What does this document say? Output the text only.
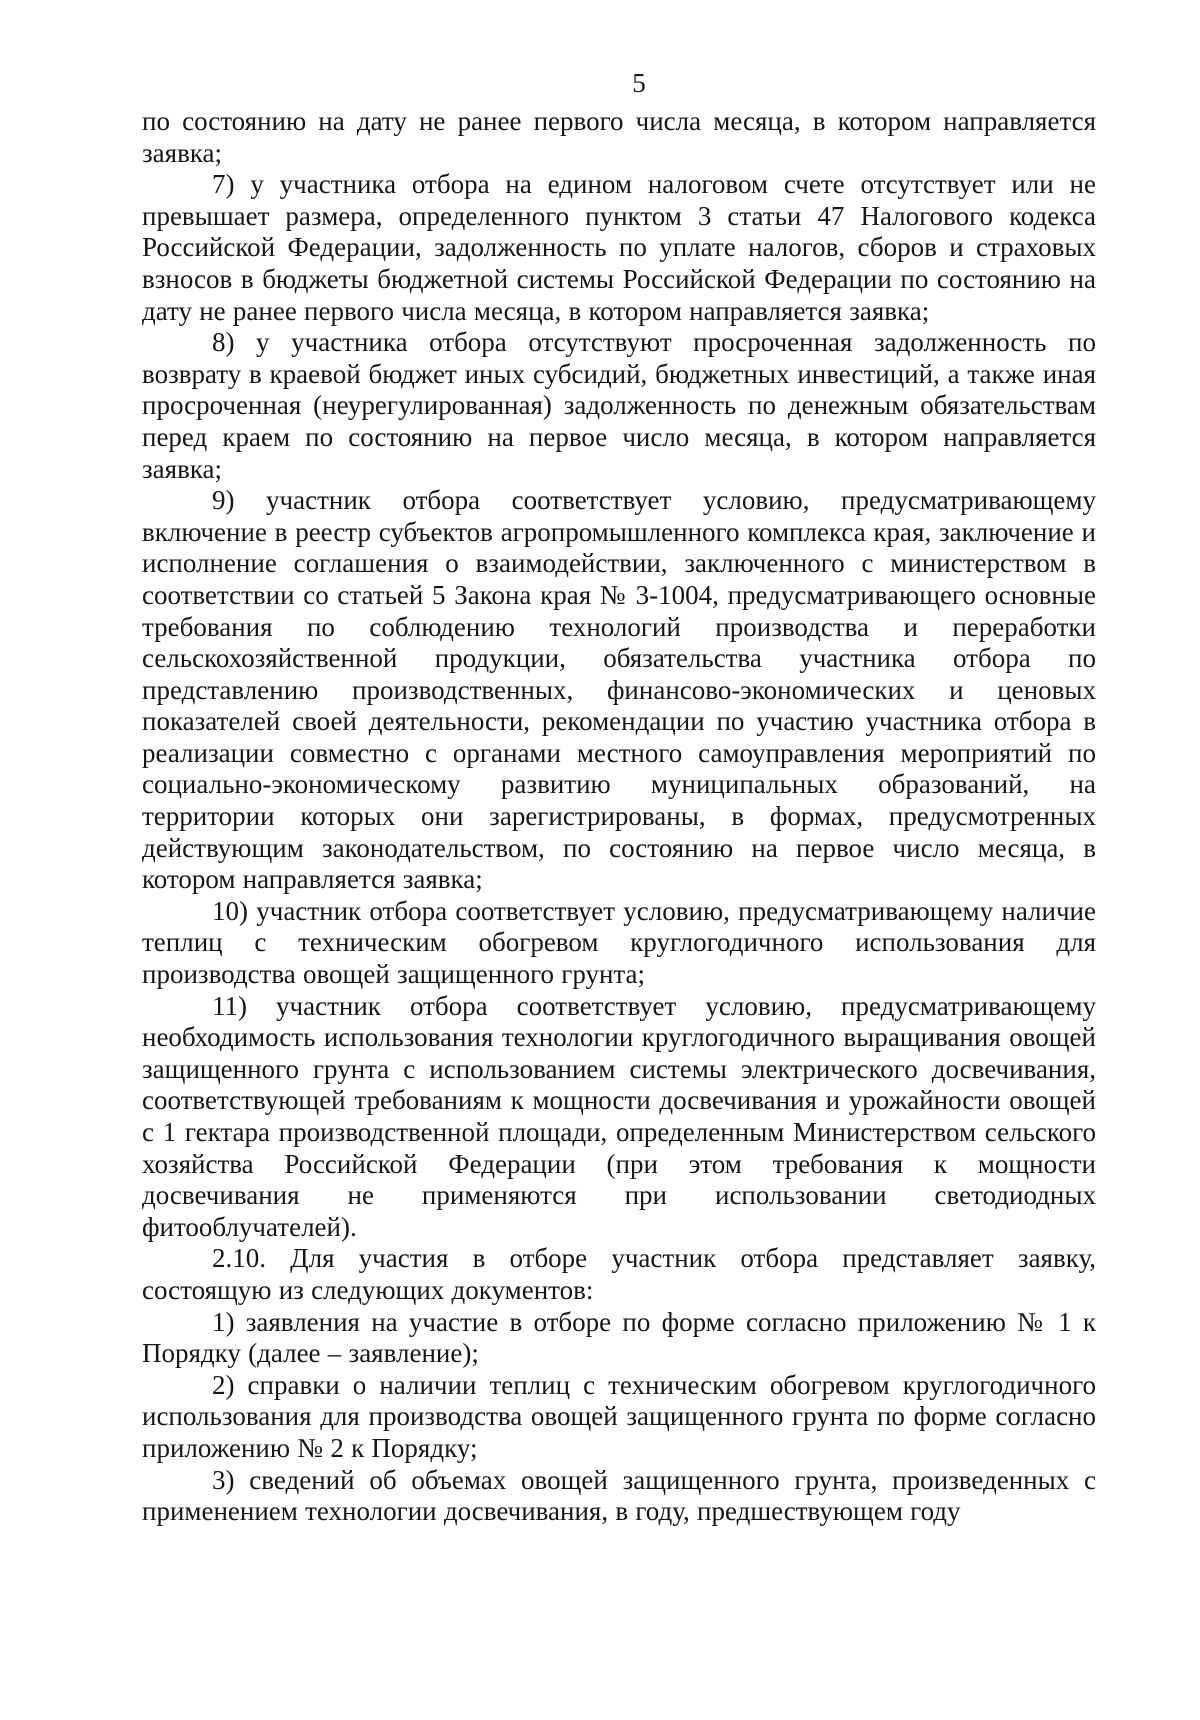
5

по состоянию на дату не ранее первого числа месяца, в котором направляется заявка;

7) у участника отбора на едином налоговом счете отсутствует или не превышает размера, определенного пунктом 3 статьи 47 Налогового кодекса Российской Федерации, задолженность по уплате налогов, сборов и страховых взносов в бюджеты бюджетной системы Российской Федерации по состоянию на дату не ранее первого числа месяца, в котором направляется заявка;

8) у участника отбора отсутствуют просроченная задолженность по возврату в краевой бюджет иных субсидий, бюджетных инвестиций, а также иная просроченная (неурегулированная) задолженность по денежным обязательствам перед краем по состоянию на первое число месяца, в котором направляется заявка;

9) участник отбора соответствует условию, предусматривающему включение в реестр субъектов агропромышленного комплекса края, заключение и исполнение соглашения о взаимодействии, заключенного с министерством в соответствии со статьей 5 Закона края № 3-1004, предусматривающего основные требования по соблюдению технологий производства и переработки сельскохозяйственной продукции, обязательства участника отбора по представлению производственных, финансово-экономических и ценовых показателей своей деятельности, рекомендации по участию участника отбора в реализации совместно с органами местного самоуправления мероприятий по социально-экономическому развитию муниципальных образований, на территории которых они зарегистрированы, в формах, предусмотренных действующим законодательством, по состоянию на первое число месяца, в котором направляется заявка;

10) участник отбора соответствует условию, предусматривающему наличие теплиц с техническим обогревом круглогодичного использования для производства овощей защищенного грунта;

11) участник отбора соответствует условию, предусматривающему необходимость использования технологии круглогодичного выращивания овощей защищенного грунта с использованием системы электрического досвечивания, соответствующей требованиям к мощности досвечивания и урожайности овощей с 1 гектара производственной площади, определенным Министерством сельского хозяйства Российской Федерации (при этом требования к мощности досвечивания не применяются при использовании светодиодных фитооблучателей).

2.10. Для участия в отборе участник отбора представляет заявку, состоящую из следующих документов:

1) заявления на участие в отборе по форме согласно приложению № 1 к Порядку (далее – заявление);

2) справки о наличии теплиц с техническим обогревом круглогодичного использования для производства овощей защищенного грунта по форме согласно приложению № 2 к Порядку;

3) сведений об объемах овощей защищенного грунта, произведенных с применением технологии досвечивания, в году, предшествующем году
